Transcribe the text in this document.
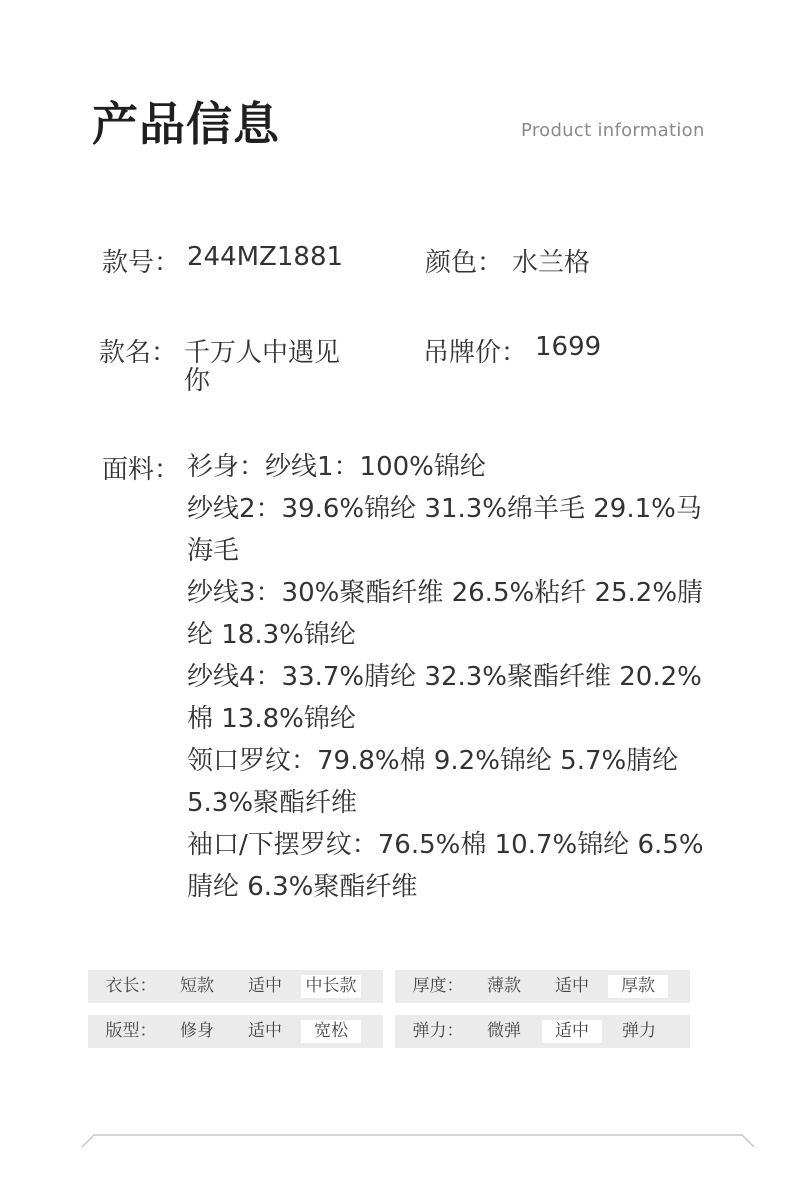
产品信息	Product information
款号： 244MZ1881	颜色： 水兰格
款名： 千万人中遇见
你
吊牌价： 1699
面料： 衫身：纱线1：100%锦纶
纱线2：39.6%锦纶 31.3%绵羊毛 29.1%马
海毛
纱线3：30%聚酯纤维 26.5%粘纤 25.2%腈
纶 18.3%锦纶
纱线4：33.7%腈纶 32.3%聚酯纤维 20.2%
棉 13.8%锦纶
领口罗纹：79.8%棉 9.2%锦纶 5.7%腈纶
5.3%聚酯纤维
袖口/下摆罗纹：76.5%棉 10.7%锦纶 6.5%
腈纶 6.3%聚酯纤维
衣长：	短款	适中	中长款	厚度：	薄款	适中	厚款
版型：	修身	适中	宽松	弹力：	微弹	适中	弹力
